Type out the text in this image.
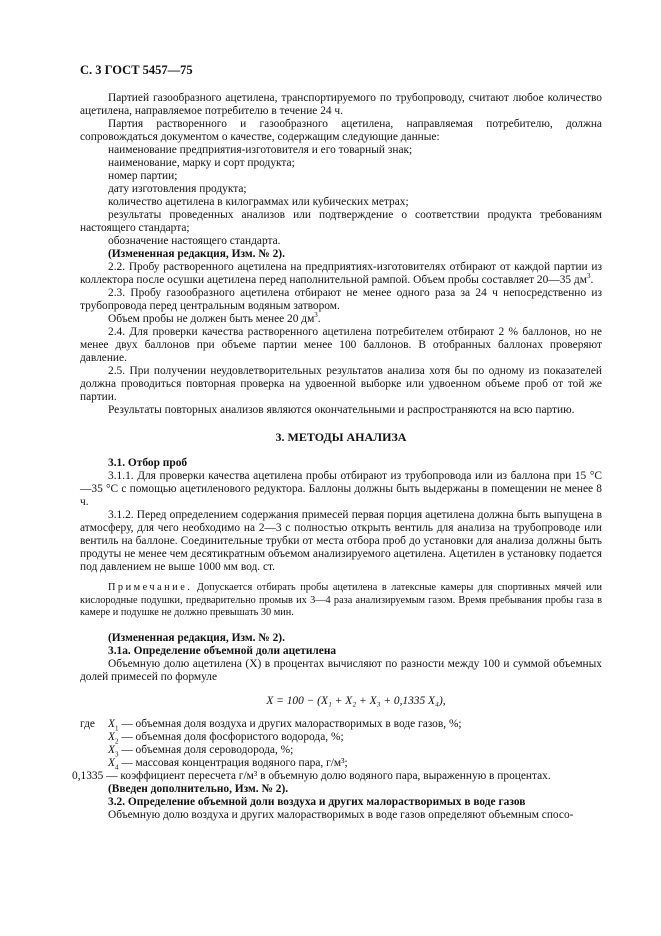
С. 3 ГОСТ 5457—75

Партией газообразного ацетилена, транспортируемого по трубопроводу, считают любое количество ацетилена, направляемое потребителю в течение 24 ч.

Партия растворенного и газообразного ацетилена, направляемая потребителю, должна сопровождаться документом о качестве, содержащим следующие данные:

наименование предприятия-изготовителя и его товарный знак;

наименование, марку и сорт продукта;

номер партии;

дату изготовления продукта;

количество ацетилена в килограммах или кубических метрах;

результаты проведенных анализов или подтверждение о соответствии продукта требованиям настоящего стандарта;

обозначение настоящего стандарта.

(Измененная редакция, Изм. № 2).

2.2. Пробу растворенного ацетилена на предприятиях-изготовителях отбирают от каждой партии из коллектора после осушки ацетилена перед наполнительной рампой. Объем пробы составляет 20—35 $дм^3$.

2.3. Пробу газообразного ацетилена отбирают не менее одного раза за 24 ч непосредственно из трубопровода перед центральным водяным затвором.

Объем пробы не должен быть менее 20 $дм^3$.

2.4. Для проверки качества растворенного ацетилена потребителем отбирают 2 % баллонов, но не менее двух баллонов при объеме партии менее 100 баллонов. В отобранных баллонах проверяют давление.

2.5. При получении неудовлетворительных результатов анализа хотя бы по одному из показателей должна проводиться повторная проверка на удвоенной выборке или удвоенном объеме проб от той же партии.

Результаты повторных анализов являются окончательными и распространяются на всю партию.

3. МЕТОДЫ АНАЛИЗА

3.1. Отбор проб

3.1.1. Для проверки качества ацетилена пробы отбирают из трубопровода или из баллона при 15 °С—35 °С с помощью ацетиленового редуктора. Баллоны должны быть выдержаны в помещении не менее 8 ч.

3.1.2. Перед определением содержания примесей первая порция ацетилена должна быть выпущена в атмосферу, для чего необходимо на 2—3 с полностью открыть вентиль для анализа на трубопроводе или вентиль на баллоне. Соединительные трубки от места отбора проб до установки для анализа должны быть продуты не менее чем десятикратным объемом анализируемого ацетилена. Ацетилен в установку подается под давлением не выше 1000 мм вод. ст.

Примечание. Допускается отбирать пробы ацетилена в латексные камеры для спортивных мячей или кислородные подушки, предварительно промыв их 3—4 раза анализируемым газом. Время пребывания пробы газа в камере и подушке не должно превышать 30 мин.

(Измененная редакция, Изм. № 2).

3.1а. Определение объемной доли ацетилена

Объемную долю ацетилена (X) в процентах вычисляют по разности между 100 и суммой объемных долей примесей по формуле

X = 100 − (X₁ + X₂ + X₃ + 0,1335 X₄),
где	$X_1$ — объемная доля воздуха и других малорастворимых в воде газов, %;
$X_2$ — объемная доля фосфористого водорода, %;
$X_3$ — объемная доля сероводорода, %;
$X_4$ — массовая концентрация водяного пара, г/м³;
0,1335 — коэффициент пересчета г/м³ в объемную долю водяного пара, выраженную в процентах.

(Введен дополнительно, Изм. № 2).

3.2. Определение объемной доли воздуха и других малорастворимых в воде газов

Объемную долю воздуха и других малорастворимых в воде газов определяют объемным спосо-
